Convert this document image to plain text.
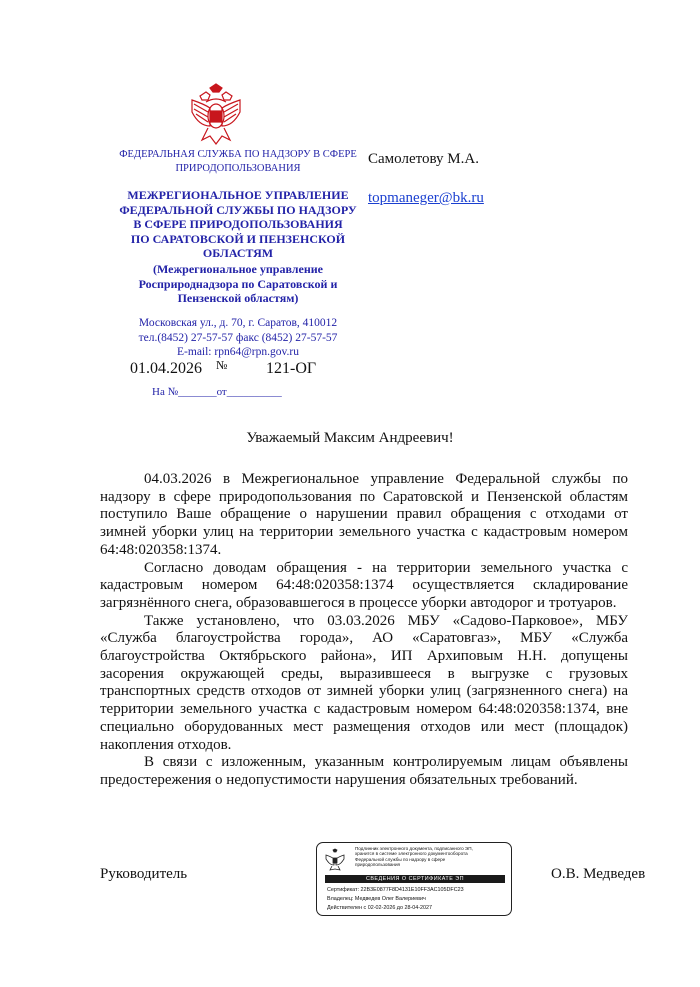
ФЕДЕРАЛЬНАЯ СЛУЖБА ПО НАДЗОРУ В СФЕРЕ
ПРИРОДОПОЛЬЗОВАНИЯ
МЕЖРЕГИОНАЛЬНОЕ УПРАВЛЕНИЕ
ФЕДЕРАЛЬНОЙ СЛУЖБЫ ПО НАДЗОРУ
В СФЕРЕ ПРИРОДОПОЛЬЗОВАНИЯ
ПО САРАТОВСКОЙ И ПЕНЗЕНСКОЙ
ОБЛАСТЯМ
(Межрегиональное управление
Росприроднадзора по Саратовской и
Пензенской областям)
Московская ул., д. 70, г. Саратов, 410012
тел.(8452) 27-57-57 факс (8452) 27-57-57
E-mail: rpn64@rpn.gov.ru
01.04.2026 № 121-ОГ
На №_______от__________
Самолетову М.А.
topmaneger@bk.ru
Уважаемый Максим Андреевич!

04.03.2026 в Межрегиональное управление Федеральной службы по надзору в сфере природопользования по Саратовской и Пензенской областям поступило Ваше обращение о нарушении правил обращения с отходами от зимней уборки улиц на территории земельного участка с кадастровым номером 64:48:020358:1374.

Согласно доводам обращения - на территории земельного участка с кадастровым номером 64:48:020358:1374 осуществляется складирование загрязнённого снега, образовавшегося в процессе уборки автодорог и тротуаров.

Также установлено, что 03.03.2026 МБУ «Садово-Парковое», МБУ «Служба благоустройства города», АО «Саратовгаз», МБУ «Служба благоустройства Октябрьского района», ИП Архиповым Н.Н. допущены засорения окружающей среды, выразившееся в выгрузке с грузовых транспортных средств отходов от зимней уборки улиц (загрязненного снега) на территории земельного участка с кадастровым номером 64:48:020358:1374, вне специально оборудованных мест размещения отходов или мест (площадок) накопления отходов.

В связи с изложенным, указанным контролируемым лицам объявлены предостережения о недопустимости нарушения обязательных требований.

Руководитель
Подлинник электронного документа, подписанного ЭП,
хранится в системе электронного документооборота
Федеральной службы по надзору в сфере
природопользования
СВЕДЕНИЯ О СЕРТИФИКАТЕ ЭП
Сертификат: 22B3E0877F8D4131E10FF3AC105DFC23
Владелец: Медведев Олег Валериевич
Действителен с 02-02-2026 до 28-04-2027
О.В. Медведев
